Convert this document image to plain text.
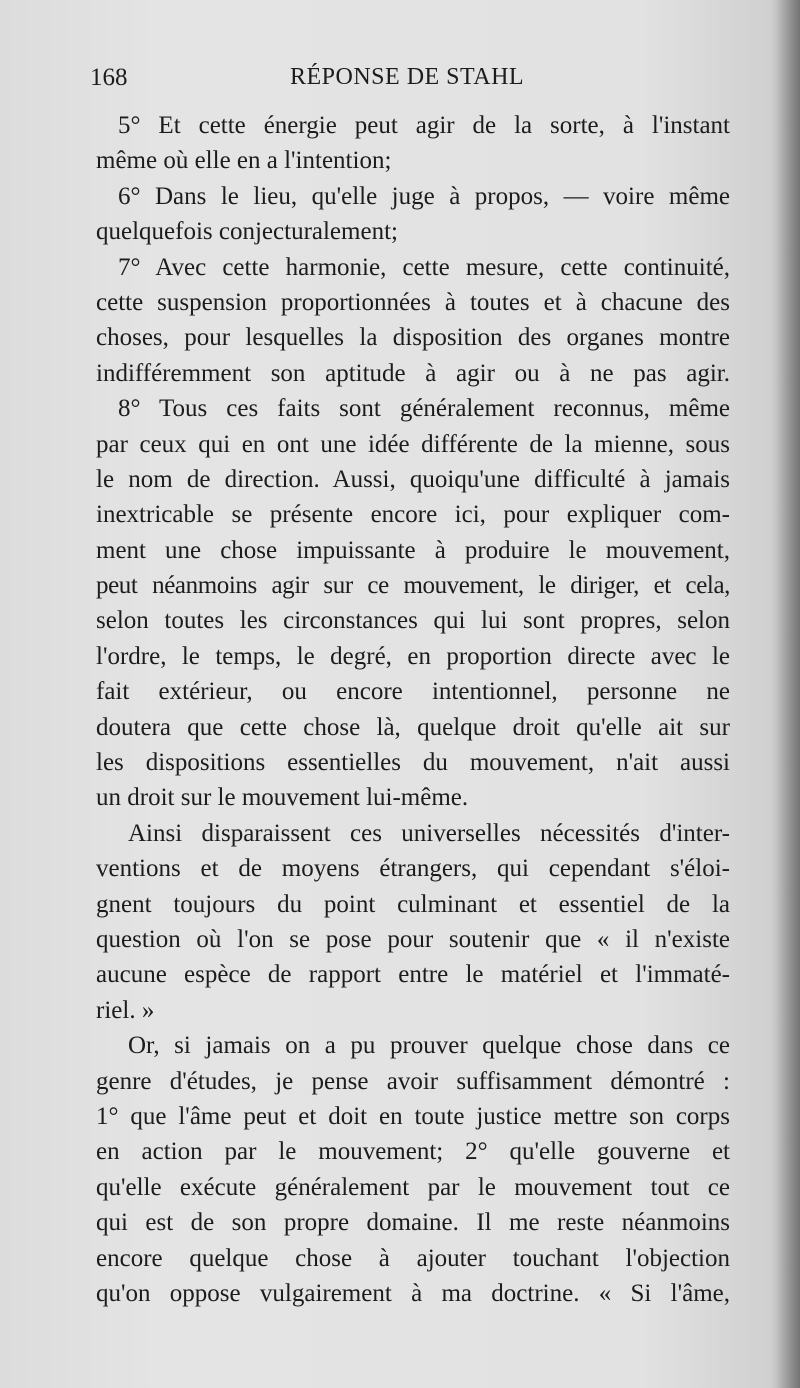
168	RÉPONSE DE STAHL
5° Et cette énergie peut agir de la sorte, à l'instant
même où elle en a l'intention;
6° Dans le lieu, qu'elle juge à propos, — voire même
quelquefois conjecturalement;
7° Avec cette harmonie, cette mesure, cette continuité,
cette suspension proportionnées à toutes et à chacune des
choses, pour lesquelles la disposition des organes montre
indifféremment son aptitude à agir ou à ne pas agir.
8° Tous ces faits sont généralement reconnus, même
par ceux qui en ont une idée différente de la mienne, sous
le nom de direction. Aussi, quoiqu'une difficulté à jamais
inextricable se présente encore ici, pour expliquer com-
ment une chose impuissante à produire le mouvement,
peut néanmoins agir sur ce mouvement, le diriger, et cela,
selon toutes les circonstances qui lui sont propres, selon
l'ordre, le temps, le degré, en proportion directe avec le
fait extérieur, ou encore intentionnel, personne ne
doutera que cette chose là, quelque droit qu'elle ait sur
les dispositions essentielles du mouvement, n'ait aussi
un droit sur le mouvement lui-même.
Ainsi disparaissent ces universelles nécessités d'inter-
ventions et de moyens étrangers, qui cependant s'éloi-
gnent toujours du point culminant et essentiel de la
question où l'on se pose pour soutenir que « il n'existe
aucune espèce de rapport entre le matériel et l'immaté-
riel. »
Or, si jamais on a pu prouver quelque chose dans ce
genre d'études, je pense avoir suffisamment démontré :
1° que l'âme peut et doit en toute justice mettre son corps
en action par le mouvement; 2° qu'elle gouverne et
qu'elle exécute généralement par le mouvement tout ce
qui est de son propre domaine. Il me reste néanmoins
encore quelque chose à ajouter touchant l'objection
qu'on oppose vulgairement à ma doctrine. « Si l'âme,
